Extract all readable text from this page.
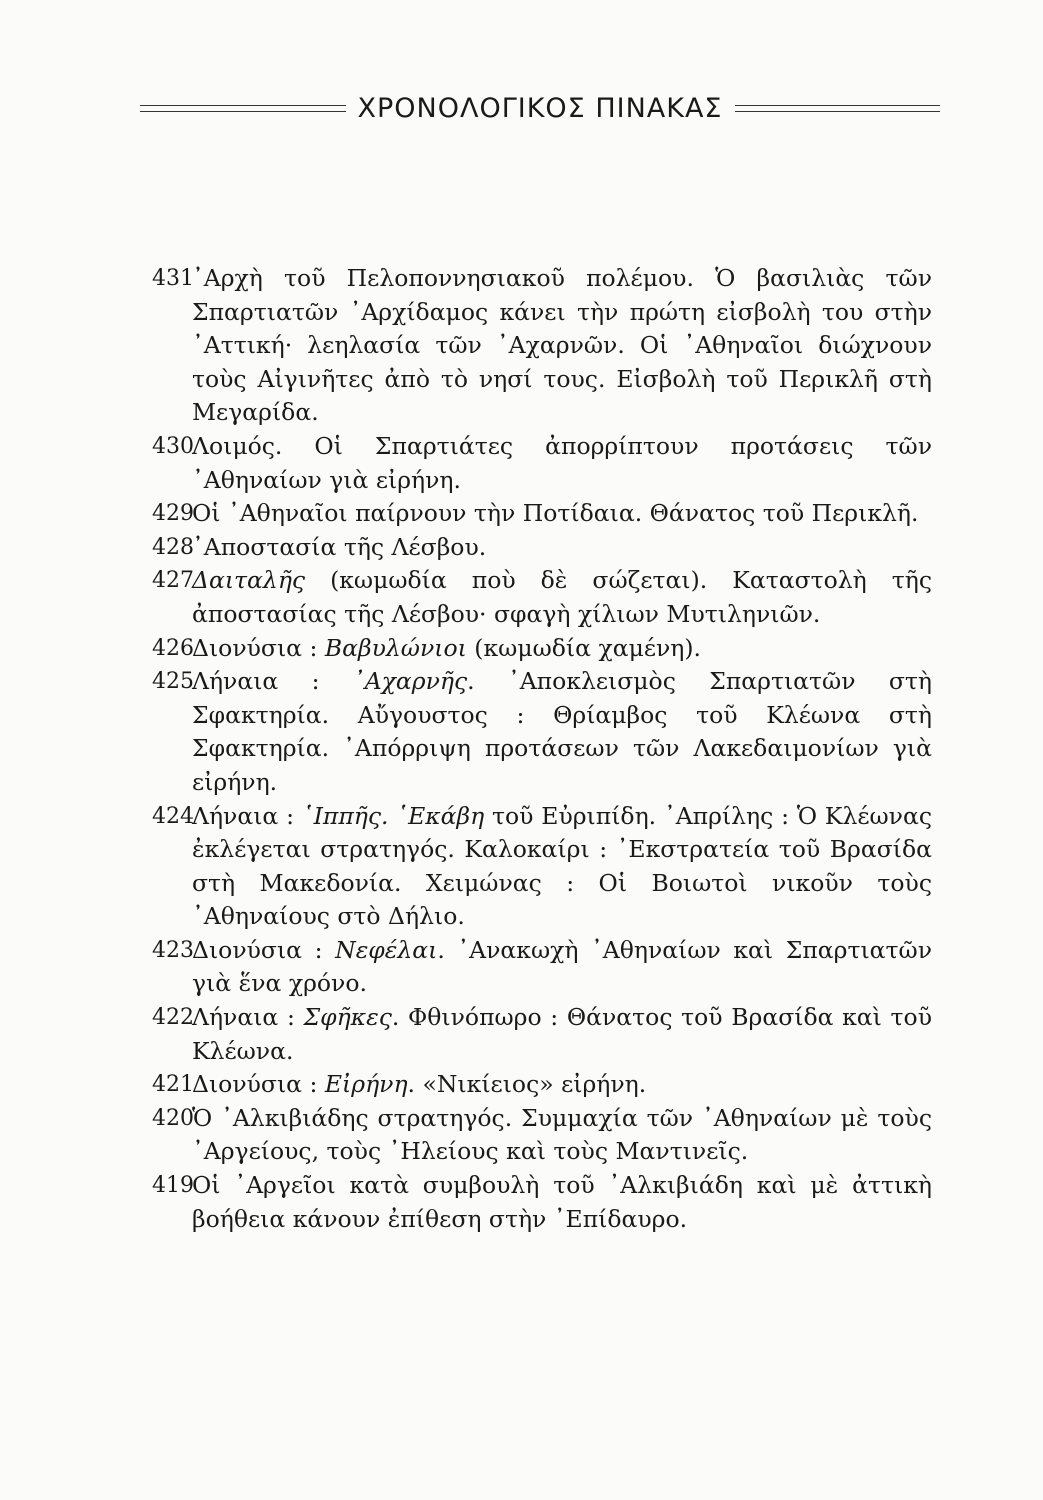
ΧΡΟΝΟΛΟΓΙΚΟΣ ΠΙΝΑΚΑΣ
431
᾿Αρχὴ τοῦ Πελοποννησιακοῦ πολέμου. Ὁ βασιλιὰς τῶν Σπαρτιατῶν ᾿Αρχίδαμος κάνει τὴν πρώτη εἰσβολὴ του στὴν ᾿Αττική· λεηλασία τῶν ᾿Αχαρνῶν. Οἱ ᾿Αθηναῖοι διώχνουν τοὺς Αἰγινῆτες ἀπὸ τὸ νησί τους. Εἰσβολὴ τοῦ Περικλῆ στὴ Μεγαρίδα.
430
Λοιμός. Οἱ Σπαρτιάτες ἀπορρίπτουν προτάσεις τῶν ᾿Αθηναίων γιὰ εἰρήνη.
429
Οἱ ᾿Αθηναῖοι παίρνουν τὴν Ποτίδαια. Θάνατος τοῦ Περικλῆ.
428
᾿Αποστασία τῆς Λέσβου.
427
Δαιταλῆς (κωμωδία ποὺ δὲ σώζεται). Καταστολὴ τῆς ἀποστασίας τῆς Λέσβου· σφαγὴ χίλιων Μυτιληνιῶν.
426
Διονύσια : Βαβυλώνιοι (κωμωδία χαμένη).
425
Λήναια : ᾿Αχαρνῆς. ᾿Αποκλεισμὸς Σπαρτιατῶν στὴ Σφακτηρία. Αὔγουστος : Θρίαμβος τοῦ Κλέωνα στὴ Σφακτηρία. ᾿Απόρριψη προτάσεων τῶν Λακεδαιμονίων γιὰ εἰρήνη.
424
Λήναια : ῾Ιππῆς. ῾Εκάβη τοῦ Εὐριπίδη. ᾿Απρίλης : Ὁ Κλέωνας ἐκλέγεται στρατηγός. Καλοκαίρι : ᾿Εκστρατεία τοῦ Βρασίδα στὴ Μακεδονία. Χειμώνας : Οἱ Βοιωτοὶ νικοῦν τοὺς ᾿Αθηναίους στὸ Δήλιο.
423
Διονύσια : Νεφέλαι. ᾿Ανακωχὴ ᾿Αθηναίων καὶ Σπαρτιατῶν γιὰ ἕνα χρόνο.
422
Λήναια : Σφῆκες. Φθινόπωρο : Θάνατος τοῦ Βρασίδα καὶ τοῦ Κλέωνα.
421
Διονύσια : Εἰρήνη. «Νικίειος» εἰρήνη.
420
Ὁ ᾿Αλκιβιάδης στρατηγός. Συμμαχία τῶν ᾿Αθηναίων μὲ τοὺς ᾿Αργείους, τοὺς ᾿Ηλείους καὶ τοὺς Μαντινεῖς.
419
Οἱ ᾿Αργεῖοι κατὰ συμβουλὴ τοῦ ᾿Αλκιβιάδη καὶ μὲ ἀττικὴ βοήθεια κάνουν ἐπίθεση στὴν ᾿Επίδαυρο.
